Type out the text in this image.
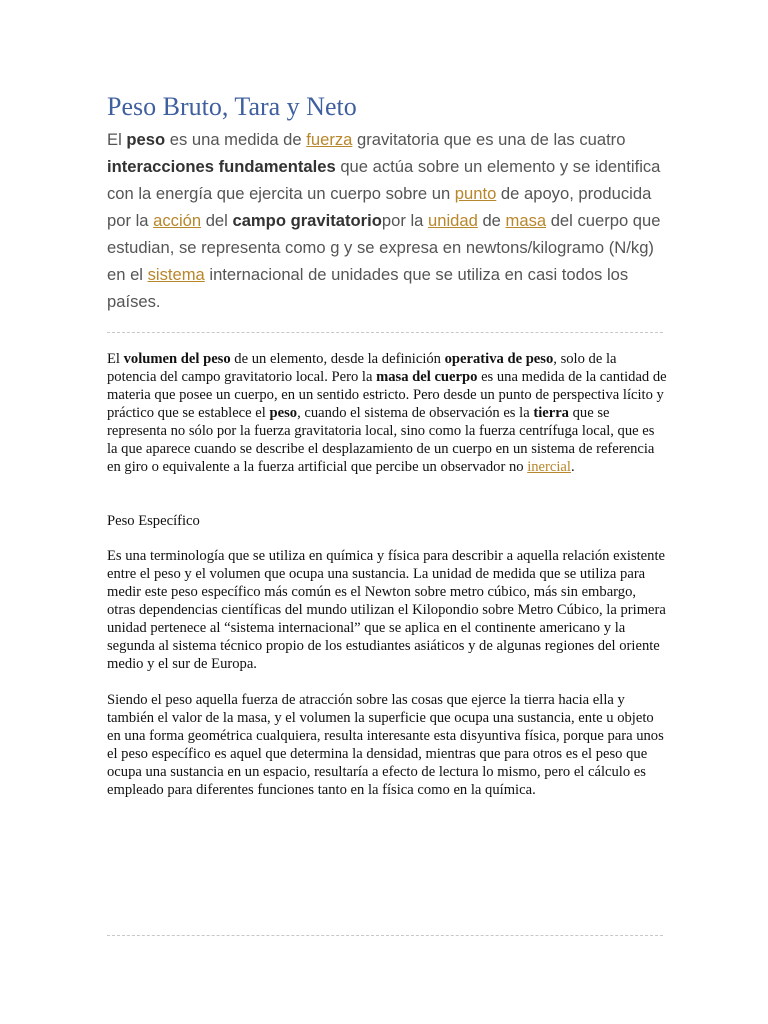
Peso Bruto, Tara y Neto

El peso es una medida de fuerza gravitatoria que es una de las cuatro interacciones fundamentales que actúa sobre un elemento y se identifica con la energía que ejercita un cuerpo sobre un punto de apoyo, producida por la acción del campo gravitatoriopor la unidad de masa del cuerpo que estudian, se representa como g y se expresa en newtons/kilogramo (N/kg) en el sistema internacional de unidades que se utiliza en casi todos los países.

El volumen del peso de un elemento, desde la definición operativa de peso, solo de la potencia del campo gravitatorio local. Pero la masa del cuerpo es una medida de la cantidad de materia que posee un cuerpo, en un sentido estricto. Pero desde un punto de perspectiva lícito y práctico que se establece el peso, cuando el sistema de observación es la tierra que se representa no sólo por la fuerza gravitatoria local, sino como la fuerza centrífuga local, que es la que aparece cuando se describe el desplazamiento de un cuerpo en un sistema de referencia en giro o equivalente a la fuerza artificial que percibe un observador no inercial.

Peso Específico

Es una terminología que se utiliza en química y física para describir a aquella relación existente entre el peso y el volumen que ocupa una sustancia. La unidad de medida que se utiliza para medir este peso específico más común es el Newton sobre metro cúbico, más sin embargo, otras dependencias científicas del mundo utilizan el Kilopondio sobre Metro Cúbico, la primera unidad pertenece al “sistema internacional” que se aplica en el continente americano y la segunda al sistema técnico propio de los estudiantes asiáticos y de algunas regiones del oriente medio y el sur de Europa.

Siendo el peso aquella fuerza de atracción sobre las cosas que ejerce la tierra hacia ella y también el valor de la masa, y el volumen la superficie que ocupa una sustancia, ente u objeto en una forma geométrica cualquiera, resulta interesante esta disyuntiva física, porque para unos el peso específico es aquel que determina la densidad, mientras que para otros es el peso que ocupa una sustancia en un espacio, resultaría a efecto de lectura lo mismo, pero el cálculo es empleado para diferentes funciones tanto en la física como en la química.
